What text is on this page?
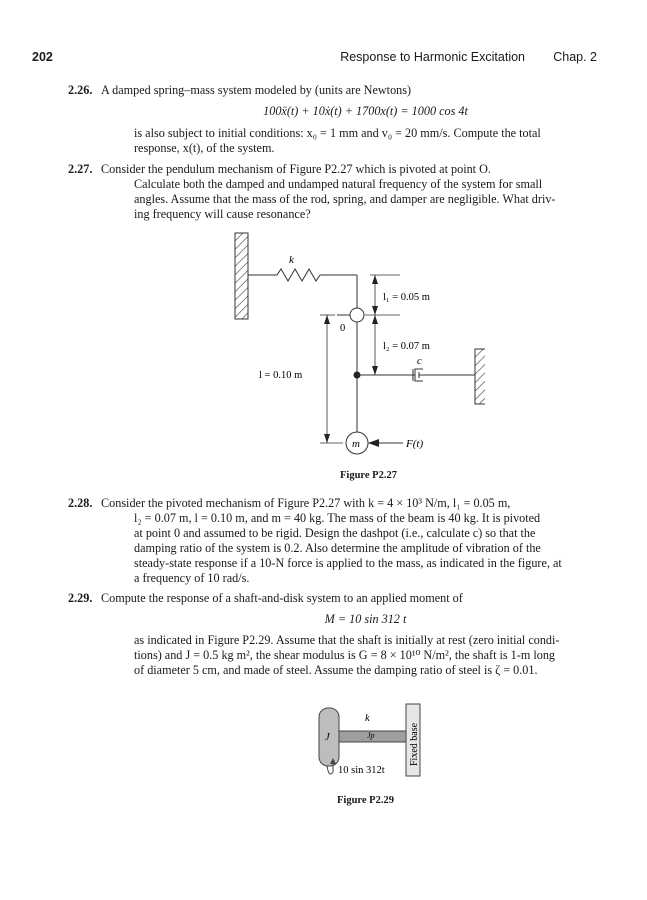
202	Response to Harmonic Excitation Chap. 2
2.26. A damped spring–mass system modeled by (units are Newtons)
100ẍ(t) + 10ẋ(t) + 1700x(t) = 1000 cos 4t
is also subject to initial conditions: x₀ = 1 mm and v₀ = 20 mm/s. Compute the total
response, x(t), of the system.
2.27. Consider the pendulum mechanism of Figure P2.27 which is pivoted at point O.
Calculate both the damped and undamped natural frequency of the system for small
angles. Assume that the mass of the rod, spring, and damper are negligible. What driv-
ing frequency will cause resonance?
k
0
l₁ = 0.05 m
l₂ = 0.07 m
l = 0.10 m
c
m	F(t)
Figure P2.27
2.28. Consider the pivoted mechanism of Figure P2.27 with k = 4 × 10³ N/m, l₁ = 0.05 m,
l₂ = 0.07 m, l = 0.10 m, and m = 40 kg. The mass of the beam is 40 kg. It is pivoted
at point 0 and assumed to be rigid. Design the dashpot (i.e., calculate c) so that the
damping ratio of the system is 0.2. Also determine the amplitude of vibration of the
steady-state response if a 10-N force is applied to the mass, as indicated in the figure, at
a frequency of 10 rad/s.
2.29. Compute the response of a shaft-and-disk system to an applied moment of
M = 10 sin 312 t
as indicated in Figure P2.29. Assume that the shaft is initially at rest (zero initial condi-
tions) and J = 0.5 kg m², the shear modulus is G = 8 × 10¹⁰ N/m², the shaft is 1-m long
of diameter 5 cm, and made of steel. Assume the damping ratio of steel is ζ = 0.01.
J
k
Jp	Fixed base
10 sin 312t
Figure P2.29
